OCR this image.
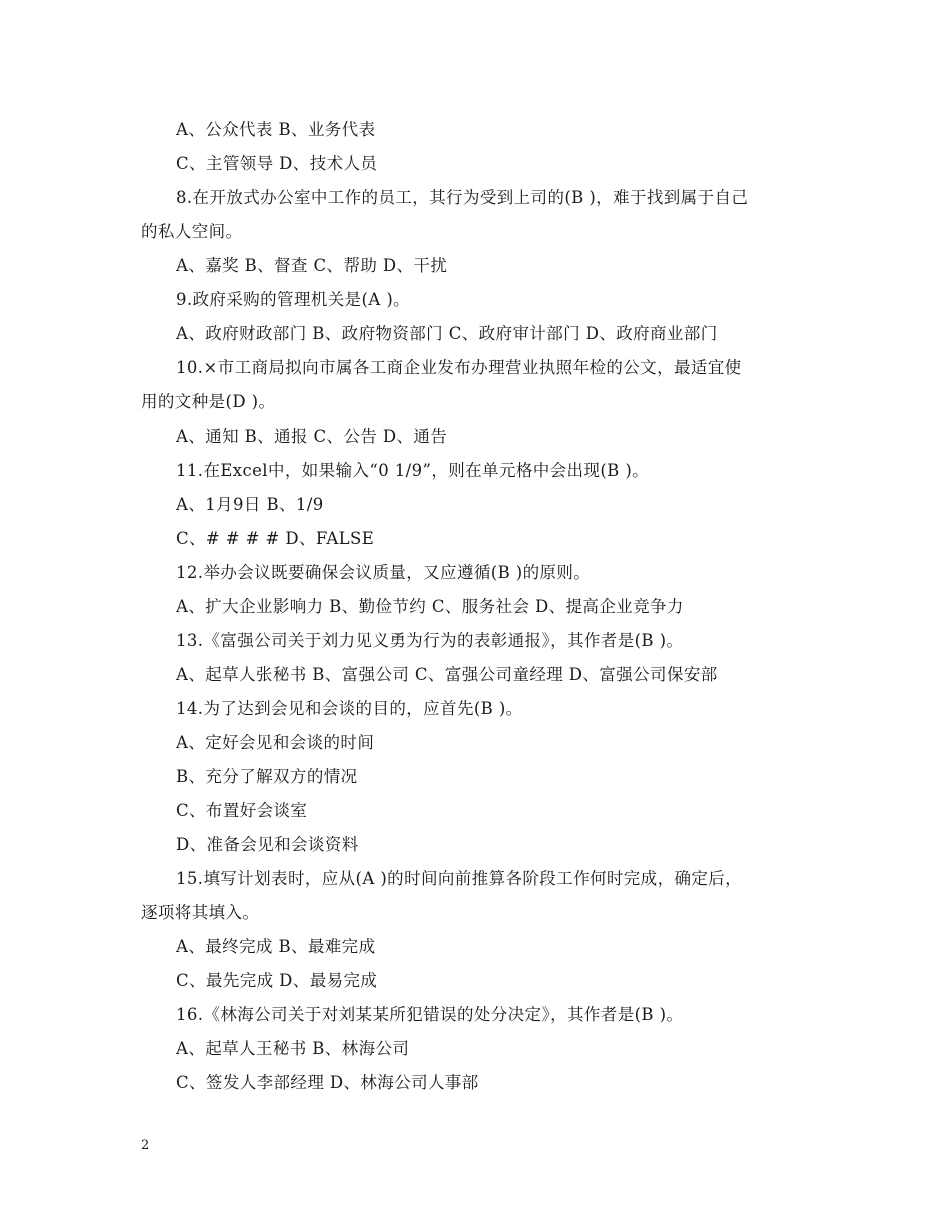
A、公众代表 B、业务代表
C、主管领导 D、技术人员
8.在开放式办公室中工作的员工，其行为受到上司的(B )，难于找到属于自己
的私人空间。
A、嘉奖 B、督查 C、帮助 D、干扰
9.政府采购的管理机关是(A )。
A、政府财政部门 B、政府物资部门 C、政府审计部门 D、政府商业部门
10.×市工商局拟向市属各工商企业发布办理营业执照年检的公文，最适宜使
用的文种是(D )。
A、通知 B、通报 C、公告 D、通告
11.在Excel中，如果输入“0 1/9”，则在单元格中会出现(B )。
A、1月9日 B、1/9
C、# # # # D、FALSE
12.举办会议既要确保会议质量，又应遵循(B )的原则。
A、扩大企业影响力 B、勤俭节约 C、服务社会 D、提高企业竞争力
13.《富强公司关于刘力见义勇为行为的表彰通报》，其作者是(B )。
A、起草人张秘书 B、富强公司 C、富强公司童经理 D、富强公司保安部
14.为了达到会见和会谈的目的，应首先(B )。
A、定好会见和会谈的时间
B、充分了解双方的情况
C、布置好会谈室
D、准备会见和会谈资料
15.填写计划表时，应从(A )的时间向前推算各阶段工作何时完成，确定后，
逐项将其填入。
A、最终完成 B、最难完成
C、最先完成 D、最易完成
16.《林海公司关于对刘某某所犯错误的处分决定》，其作者是(B )。
A、起草人王秘书 B、林海公司
C、签发人李部经理 D、林海公司人事部
2
